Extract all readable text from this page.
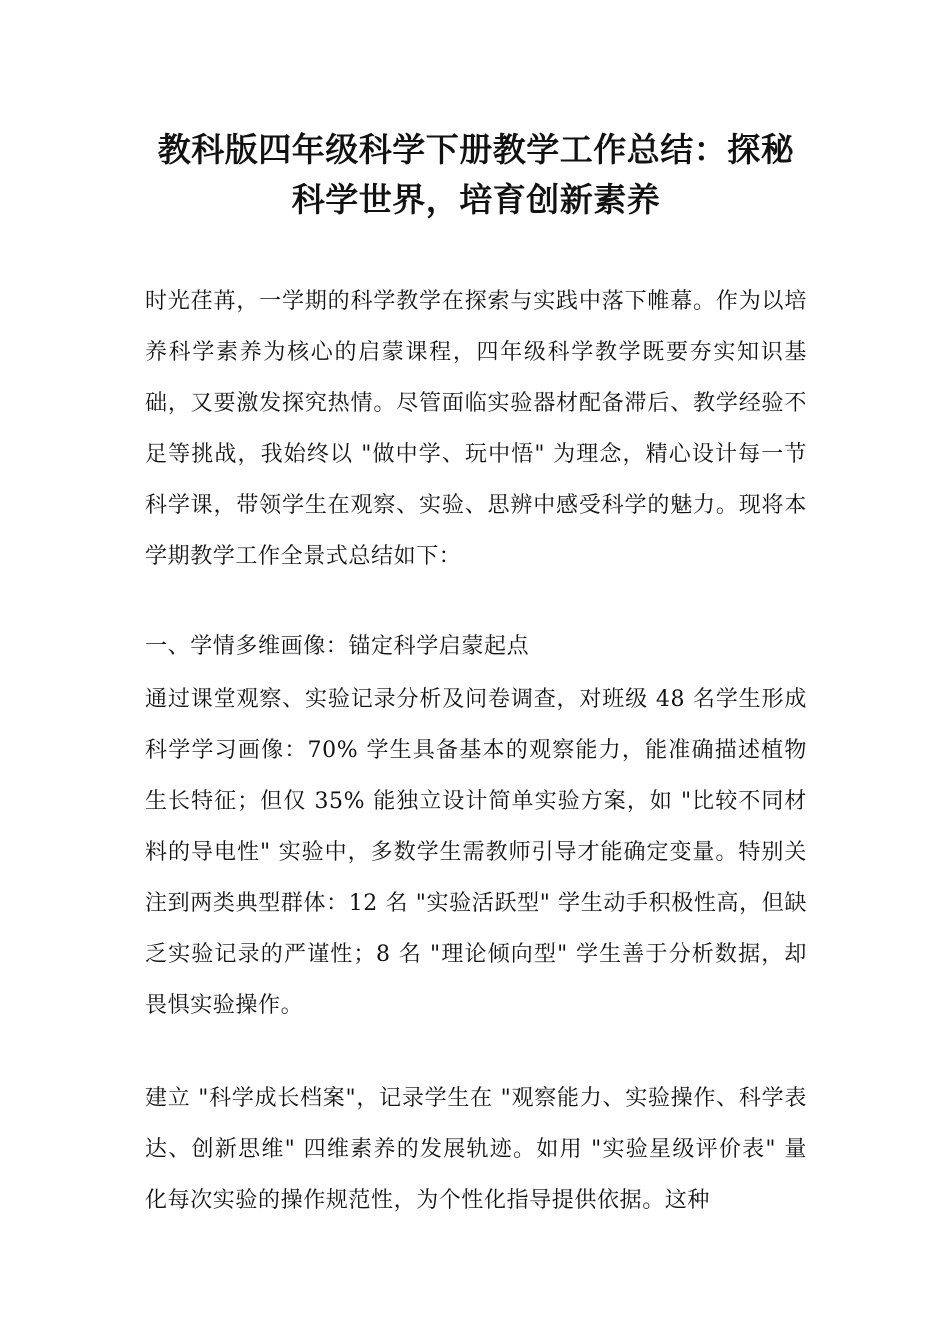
教科版四年级科学下册教学工作总结：探秘科学世界，培育创新素养

时光荏苒，一学期的科学教学在探索与实践中落下帷幕。作为以培养科学素养为核心的启蒙课程，四年级科学教学既要夯实知识基础，又要激发探究热情。尽管面临实验器材配备滞后、教学经验不足等挑战，我始终以 "做中学、玩中悟" 为理念，精心设计每一节科学课，带领学生在观察、实验、思辨中感受科学的魅力。现将本学期教学工作全景式总结如下：

一、学情多维画像：锚定科学启蒙起点

通过课堂观察、实验记录分析及问卷调查，对班级 48 名学生形成科学学习画像：70% 学生具备基本的观察能力，能准确描述植物生长特征；但仅 35% 能独立设计简单实验方案，如 "比较不同材料的导电性" 实验中，多数学生需教师引导才能确定变量。特别关注到两类典型群体：12 名 "实验活跃型" 学生动手积极性高，但缺乏实验记录的严谨性；8 名 "理论倾向型" 学生善于分析数据，却畏惧实验操作。

建立 "科学成长档案"，记录学生在 "观察能力、实验操作、科学表达、创新思维" 四维素养的发展轨迹。如用 "实验星级评价表" 量化每次实验的操作规范性，为个性化指导提供依据。这种
